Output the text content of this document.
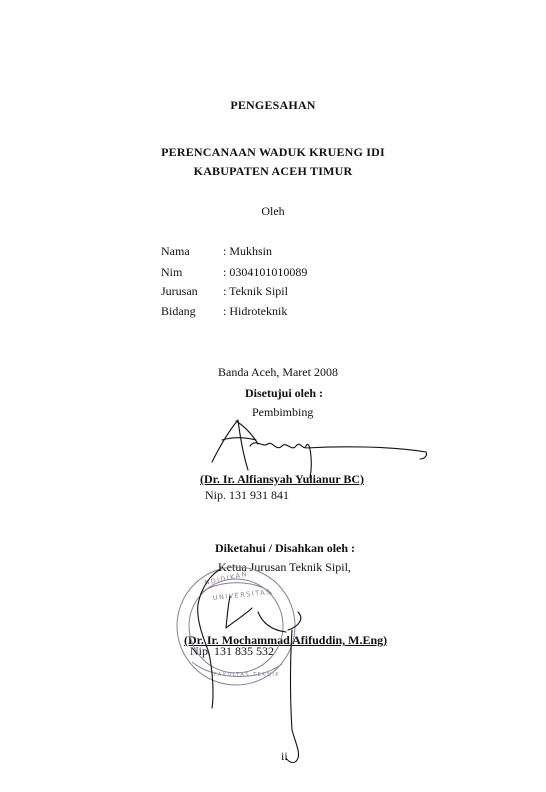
PENGESAHAN
PERENCANAAN WADUK KRUENG IDI
KABUPATEN ACEH TIMUR
Oleh
Nama	: Mukhsin
Nim	: 0304101010089
Jurusan : Teknik Sipil
Bidang : Hidroteknik
Banda Aceh, Maret 2008
Disetujui oleh :
Pembimbing
(Dr. Ir. Alfiansyah Yulianur BC)
Nip. 131 931 841
Diketahui / Disahkan oleh :
Ketua Jurusan Teknik Sipil,
(Dr. Ir. Mochammad Afifuddin, M.Eng)
Nip. 131 835 532
ii
NDIDIKAN
UNIVERSITAS
FAKULTAS TEKNIK
